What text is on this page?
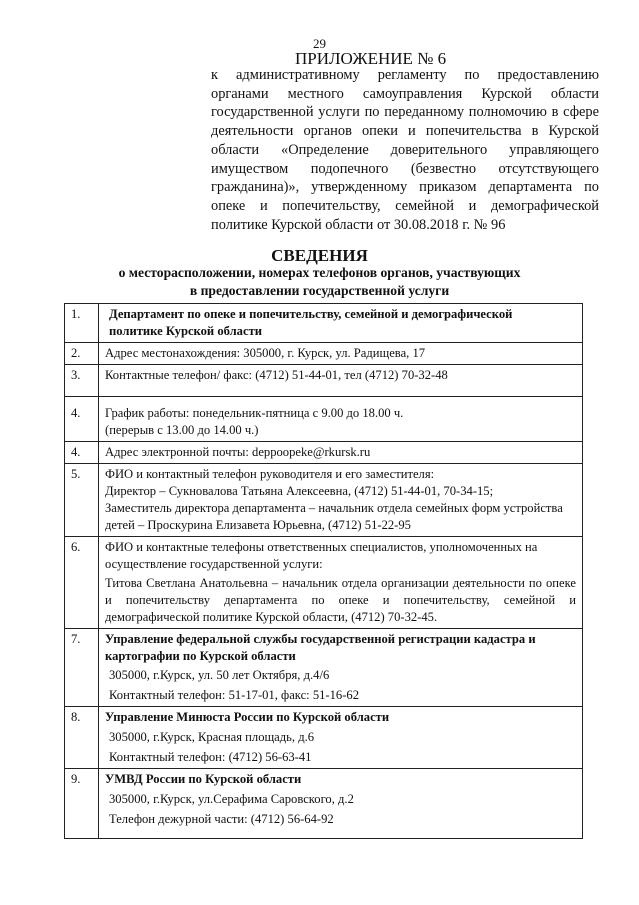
29
ПРИЛОЖЕНИЕ № 6
к административному регламенту по предоставлению органами местного самоуправления Курской области государственной услуги по переданному полномочию в сфере деятельности органов опеки и попечительства в Курской области «Определение доверительного управляющего имуществом подопечного (безвестно отсутствующего гражданина)», утвержденному приказом департамента по опеке и попечительству, семейной и демографической политике Курской области от 30.08.2018 г. № 96
СВЕДЕНИЯ
о месторасположении, номерах телефонов органов, участвующих
в предоставлении государственной услуги
1.	Департамент по опеке и попечительству, семейной и демографической политике Курской области

2.	Адрес местонахождения: 305000, г. Курск, ул. Радищева, 17

3.	Контактные телефон/ факс: (4712) 51-44-01, тел (4712) 70-32-48

4.	График работы: понедельник-пятница с 9.00 до 18.00 ч.
(перерыв с 13.00 до 14.00 ч.)

4.	Адрес электронной почты: deppoopeke@rkursk.ru

5.	ФИО и контактный телефон руководителя и его заместителя:
Директор – Сукновалова Татьяна Алексеевна, (4712) 51-44-01, 70-34-15;
Заместитель директора департамента – начальник отдела семейных форм устройства детей – Проскурина Елизавета Юрьевна, (4712) 51-22-95

6.	ФИО и контактные телефоны ответственных специалистов, уполномоченных на осуществление государственной услуги:
Титова Светлана Анатольевна – начальник отдела организации деятельности по опеке и попечительству департамента по опеке и попечительству, семейной и демографической политике Курской области, (4712) 70-32-45.

7.	Управление федеральной службы государственной регистрации кадастра и картографии по Курской области
305000, г.Курск, ул. 50 лет Октября, д.4/6
Контактный телефон: 51-17-01, факс: 51-16-62

8.	Управление Минюста России по Курской области
305000, г.Курск, Красная площадь, д.6
Контактный телефон: (4712) 56-63-41

9.	УМВД России по Курской области
305000, г.Курск, ул.Серафима Саровского, д.2
Телефон дежурной части: (4712) 56-64-92
